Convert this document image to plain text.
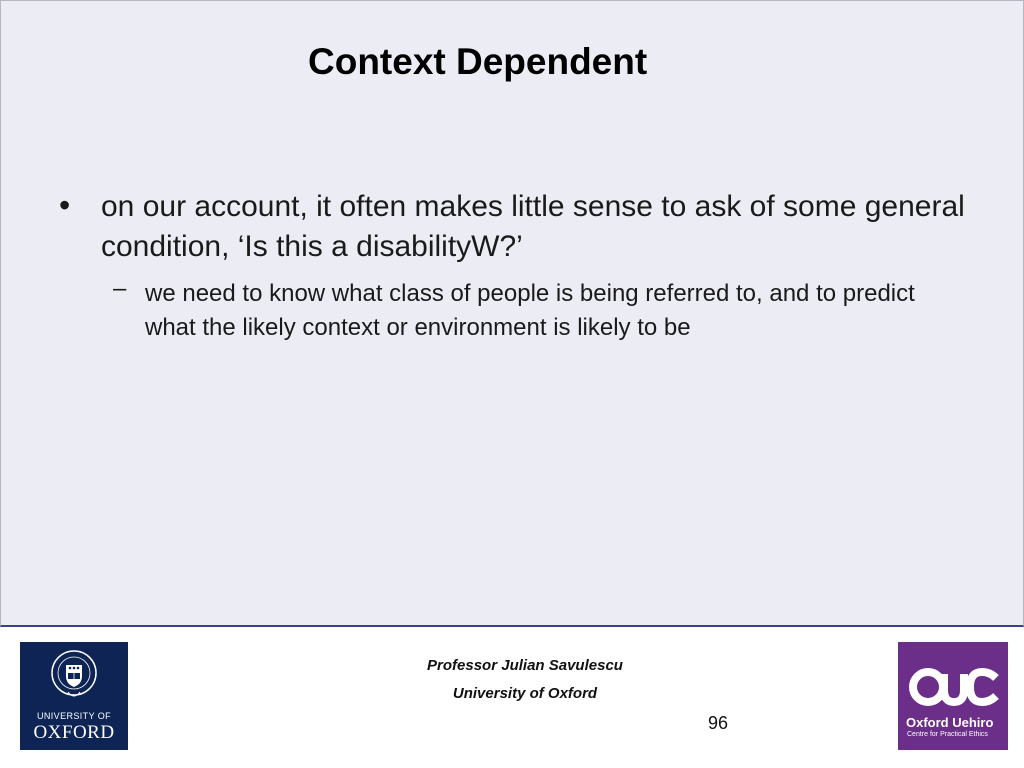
Context Dependent
• on our account, it often makes little sense to ask of some general condition, ‘Is this a disabilityW?’
– we need to know what class of people is being referred to, and to predict what the likely context or environment is likely to be
UNIVERSITY OF
OXFORD
Professor Julian Savulescu
University of Oxford
96	Oxford Uehiro
Centre for Practical Ethics
